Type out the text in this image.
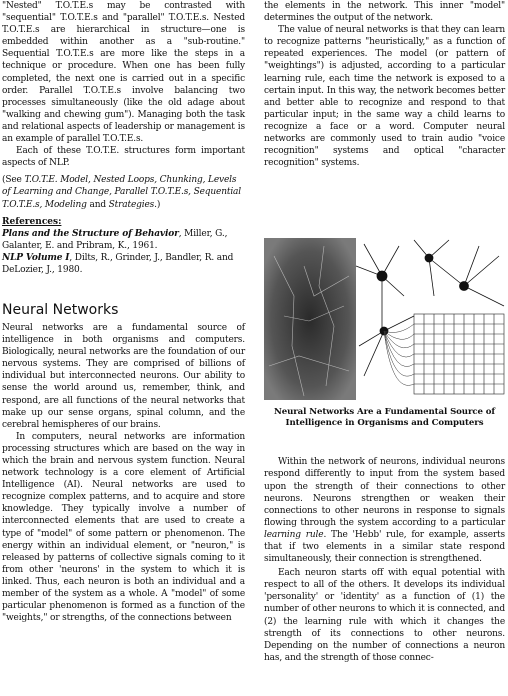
"Nested" T.O.T.E.s may be contrasted with "sequential" T.O.T.E.s and "parallel" T.O.T.E.s. Nested T.O.T.E.s are hierarchical in structure—one is embedded within another as a "sub-routine." Sequential T.O.T.E.s are more like the steps in a technique or procedure. When one has been fully completed, the next one is carried out in a specific order. Parallel T.O.T.E.s involve balancing two processes simultaneously (like the old adage about "walking and chewing gum"). Managing both the task and relational aspects of leadership or management is an example of parallel T.O.T.E.s.

Each of these T.O.T.E. structures form important aspects of NLP.

(See T.O.T.E. Model, Nested Loops, Chunking, Levels of Learning and Change, Parallel T.O.T.E.s, Sequential T.O.T.E.s, Modeling and Strategies.)

References:

Plans and the Structure of Behavior, Miller, G., Galanter, E. and Pribram, K., 1961.

NLP Volume I, Dilts, R., Grinder, J., Bandler, R. and DeLozier, J., 1980.

Neural Networks

Neural networks are a fundamental source of intelligence in both organisms and computers. Biologically, neural networks are the foundation of our nervous systems. They are comprised of billions of individual but interconnected neurons. Our ability to sense the world around us, remember, think, and respond, are all functions of the neural networks that make up our sense organs, spinal column, and the cerebral hemispheres of our brains.

In computers, neural networks are information processing structures which are based on the way in which the brain and nervous system function. Neural network technology is a core element of Artificial Intelligence (AI). Neural networks are used to recognize complex patterns, and to acquire and store knowledge. They typically involve a number of interconnected elements that are used to create a type of "model" of some pattern or phenomenon. The energy within an individual element, or "neuron," is released by patterns of collective signals coming to it from other 'neurons' in the system to which it is linked. Thus, each neuron is both an individual and a member of the system as a whole. A "model" of some particular phenomenon is formed as a function of the "weights," or strengths, of the connections between

the elements in the network. This inner "model" determines the output of the network.

The value of neural networks is that they can learn to recognize patterns "heuristically," as a function of repeated experiences. The model (or pattern of "weightings") is adjusted, according to a particular learning rule, each time the network is exposed to a certain input. In this way, the network becomes better and better able to recognize and respond to that particular input; in the same way a child learns to recognize a face or a word. Computer neural networks are commonly used to train audio "voice recognition" systems and optical "character recognition" systems.

Neural Networks Are a Fundamental Source of Intelligence in Organisms and Computers

Within the network of neurons, individual neurons respond differently to input from the system based upon the strength of their connections to other neurons. Neurons strengthen or weaken their connections to other neurons in response to signals flowing through the system according to a particular learning rule. The 'Hebb' rule, for example, asserts that if two elements in a similar state respond simultaneously, their connection is strengthened.

Each neuron starts off with equal potential with respect to all of the others. It develops its individual 'personality' or 'identity' as a function of (1) the number of other neurons to which it is connected, and (2) the learning rule with which it changes the strength of its connections to other neurons. Depending on the number of connections a neuron has, and the strength of those connec-
